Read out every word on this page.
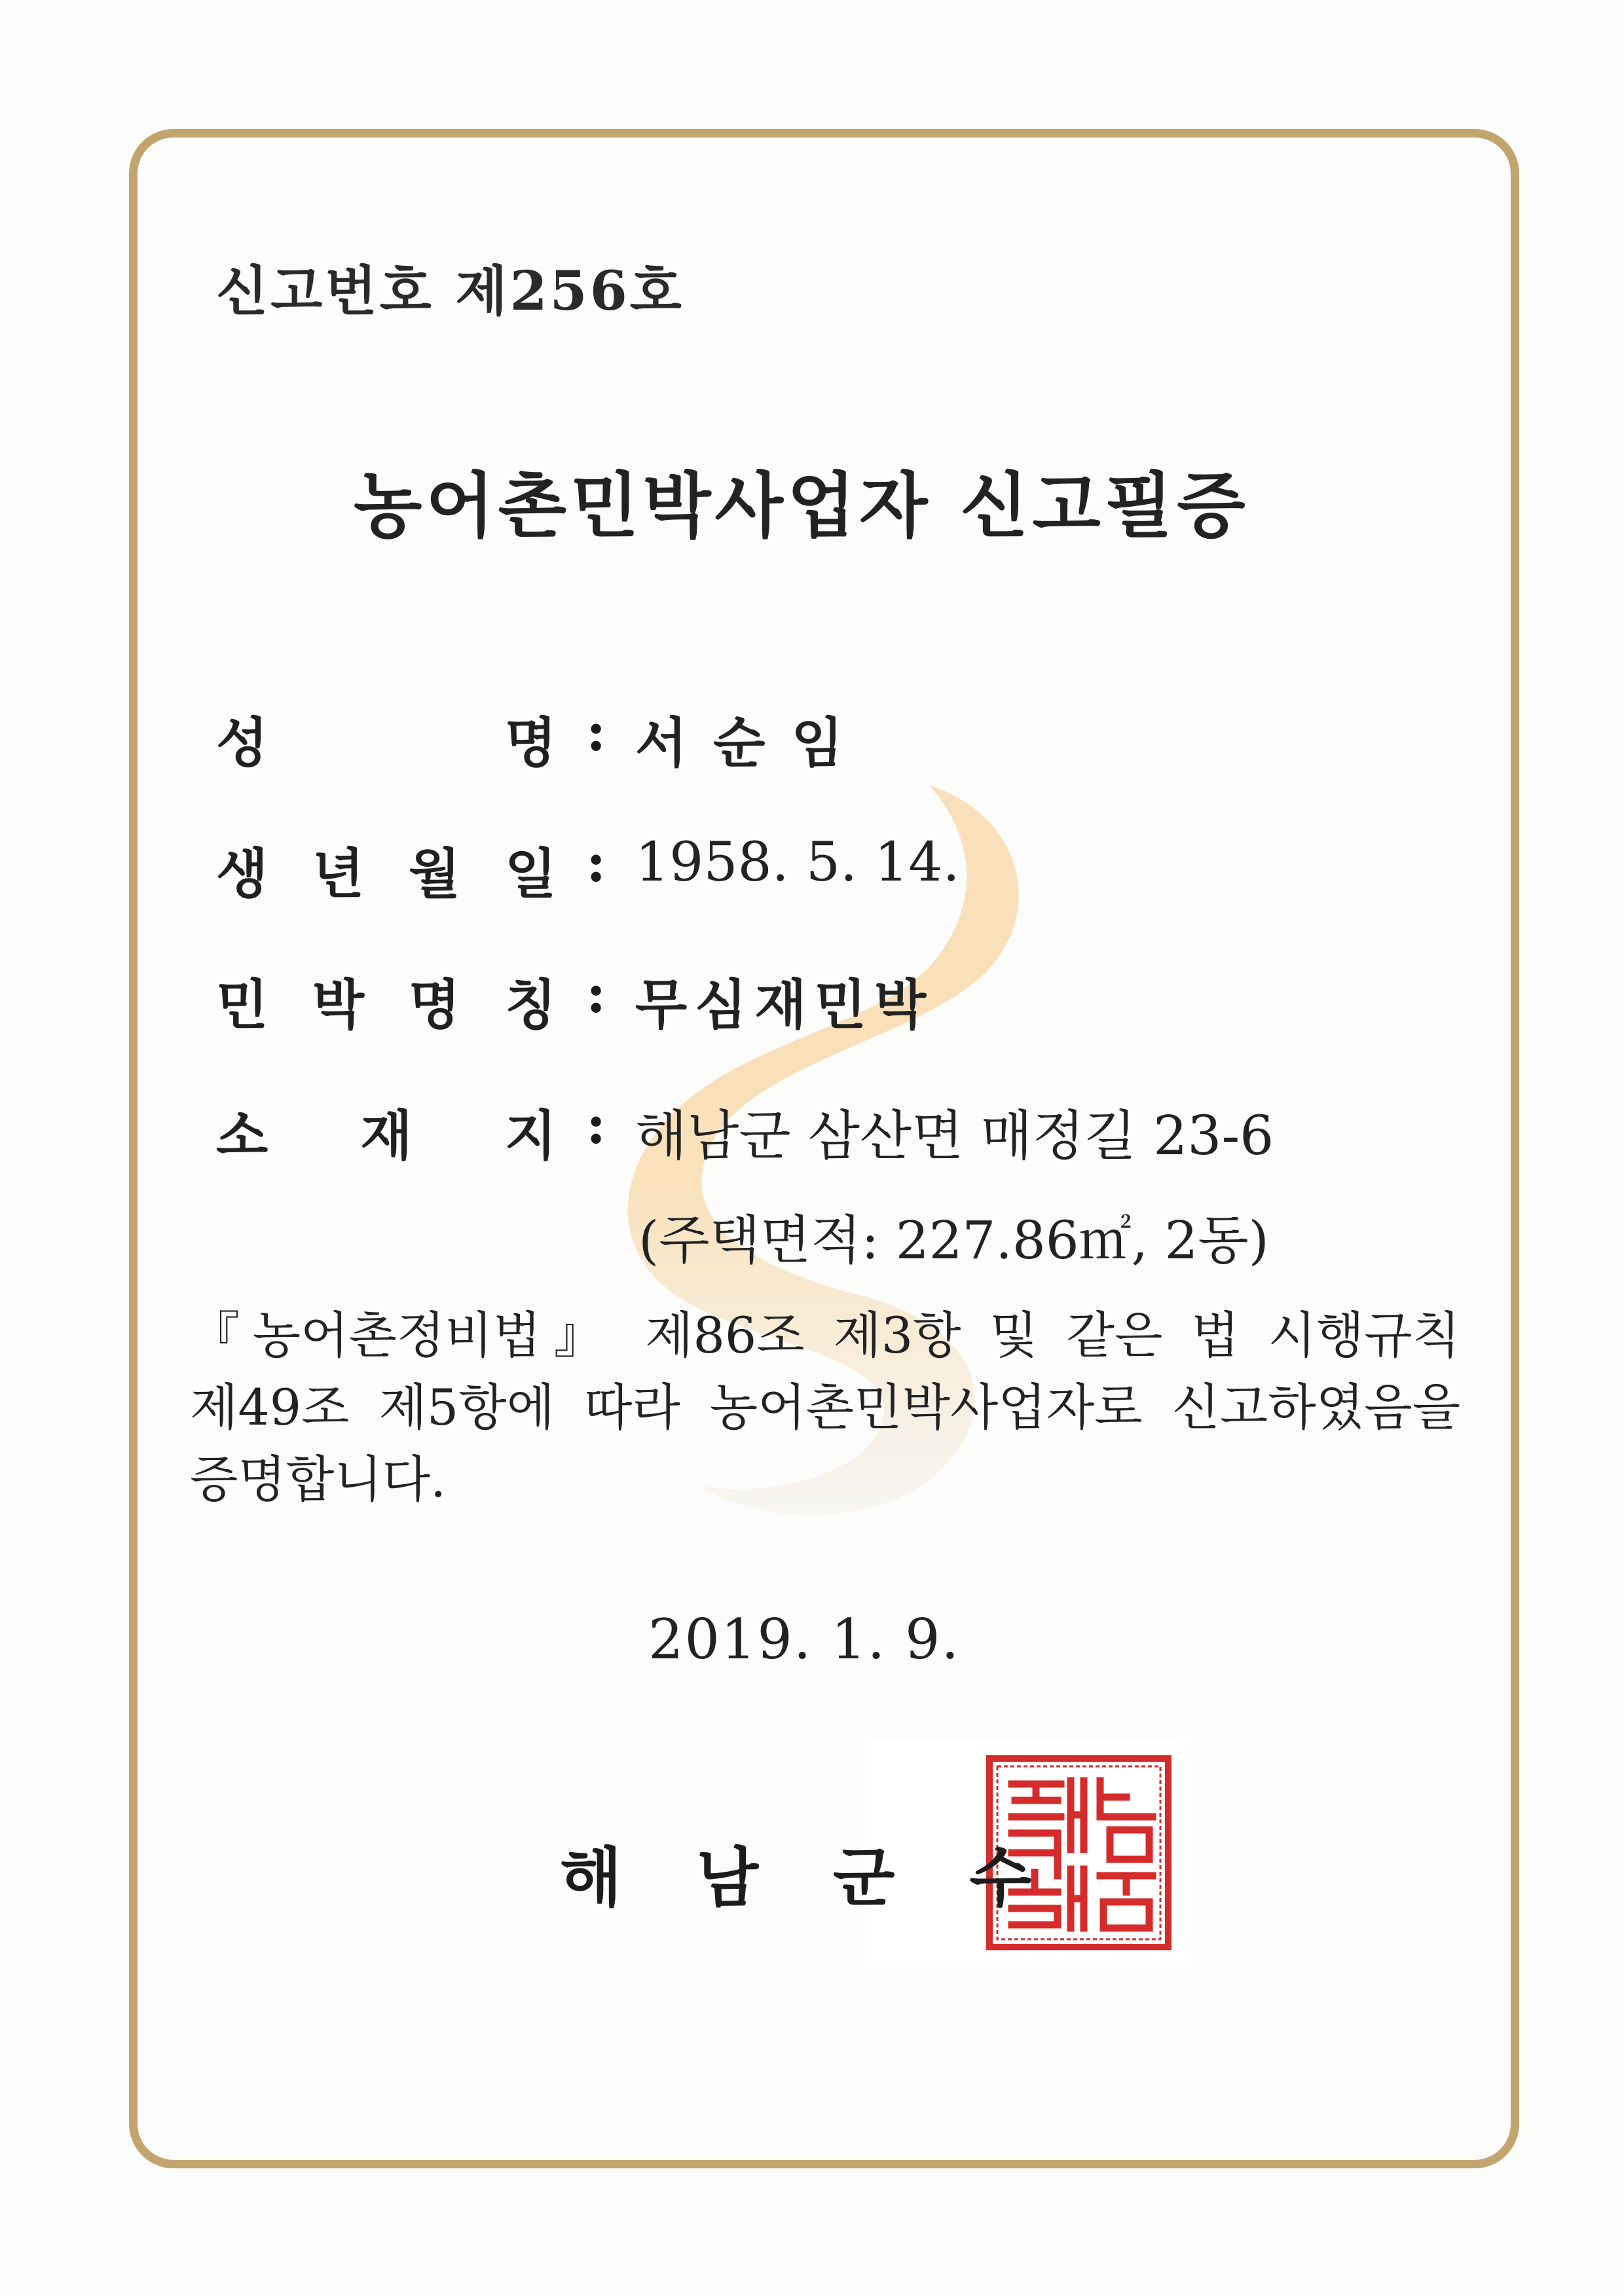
신고번호 제256호
농어촌민박사업자 신고필증
성	명 : 서순임
생 년 월 일 : 1958. 5. 14.
민 박 명 칭 : 무심재민박
소 재 지 : 해남군 삼산면 매정길 23-6
(주택면적: 227.86㎡, 2동)
『농어촌정비법』 제86조 제3항 및 같은 법 시행규칙
제49조 제5항에 따라 농어촌민박사업자로 신고하였음을
증명합니다.
2019. 1. 9.
해 남 군 수
